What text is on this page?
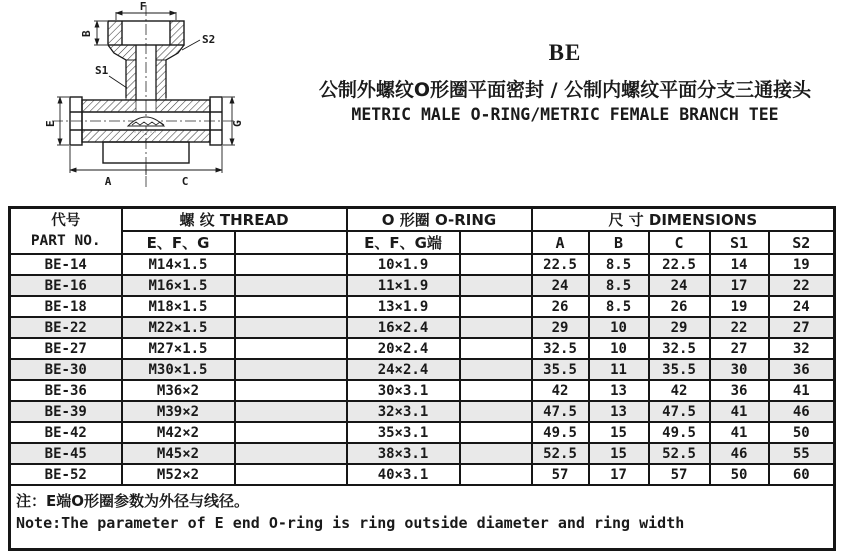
F
B	S2
S1
E	G
A	C
BE
公制外螺纹O形圈平面密封 / 公制内螺纹平面分支三通接头
METRIC MALE O-RING/METRIC FEMALE BRANCH TEE
代号
PART NO.	螺 纹 THREAD		O 形圈 O-RING		尺 寸 DIMENSIONS				
	E、F、G		E、F、G端		A	B	C	S1	S2
BE-14	M14×1.5		10×1.9		22.5	8.5	22.5	14	19
BE-16	M16×1.5		11×1.9		24	8.5	24	17	22
BE-18	M18×1.5		13×1.9		26	8.5	26	19	24
BE-22	M22×1.5		16×2.4		29	10	29	22	27
BE-27	M27×1.5		20×2.4		32.5	10	32.5	27	32
BE-30	M30×1.5		24×2.4		35.5	11	35.5	30	36
BE-36	M36×2		30×3.1		42	13	42	36	41
BE-39	M39×2		32×3.1		47.5	13	47.5	41	46
BE-42	M42×2		35×3.1		49.5	15	49.5	41	50
BE-45	M45×2		38×3.1		52.5	15	52.5	46	55
BE-52	M52×2		40×3.1		57	17	57	50	60

注：E端O形圈参数为外径与线径。
Note:The parameter of E end O-ring is ring outside diameter and ring width									
